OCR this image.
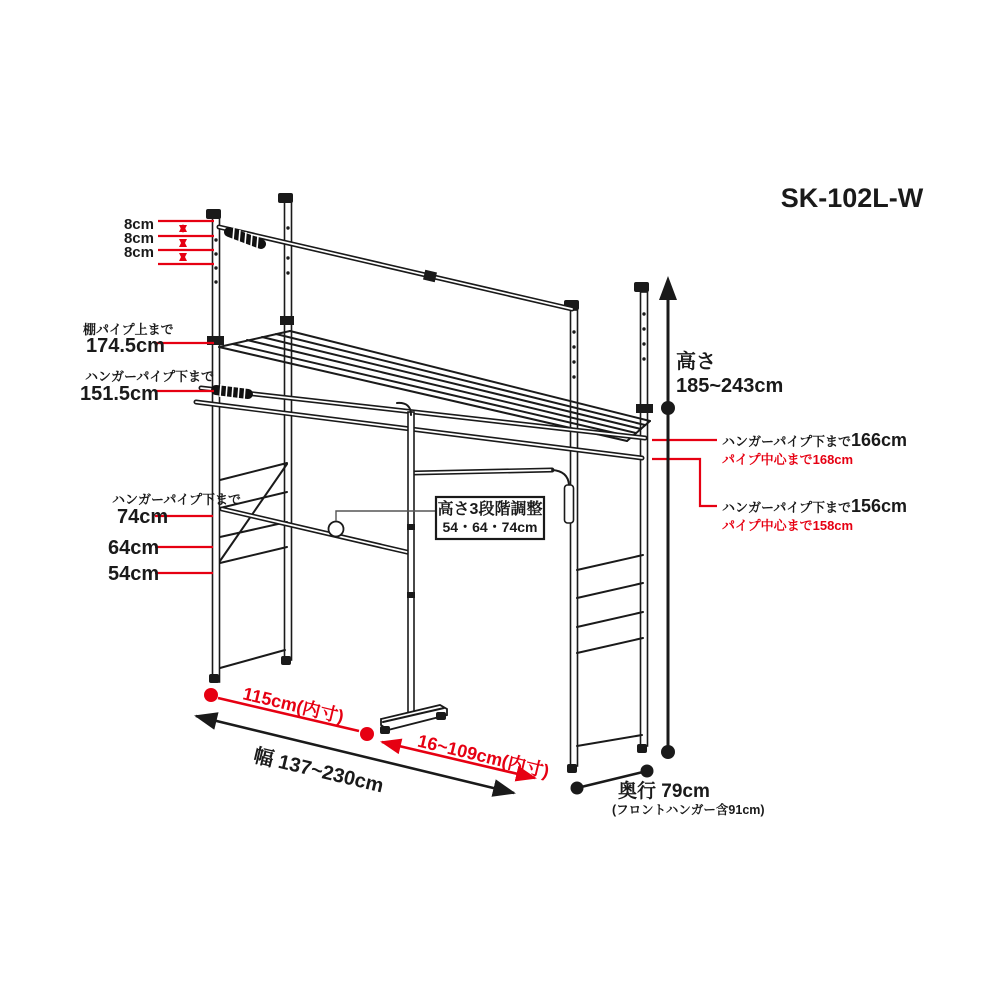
SK-102L-W
8cm
8cm
8cm
棚パイプ上まで
174.5cm
ハンガーパイプ下まで
151.5cm
ハンガーパイプ下まで
74cm
64cm
54cm
高さ
185~243cm
ハンガーパイプ下まで166cm
パイプ中心まで168cm
ハンガーパイプ下まで156cm
パイプ中心まで158cm
高さ3段階調整
54・64・74cm
115cm(内寸)
16~109cm(内寸)
幅 137~230cm	奥行 79cm
(フロントハンガー含91cm)
